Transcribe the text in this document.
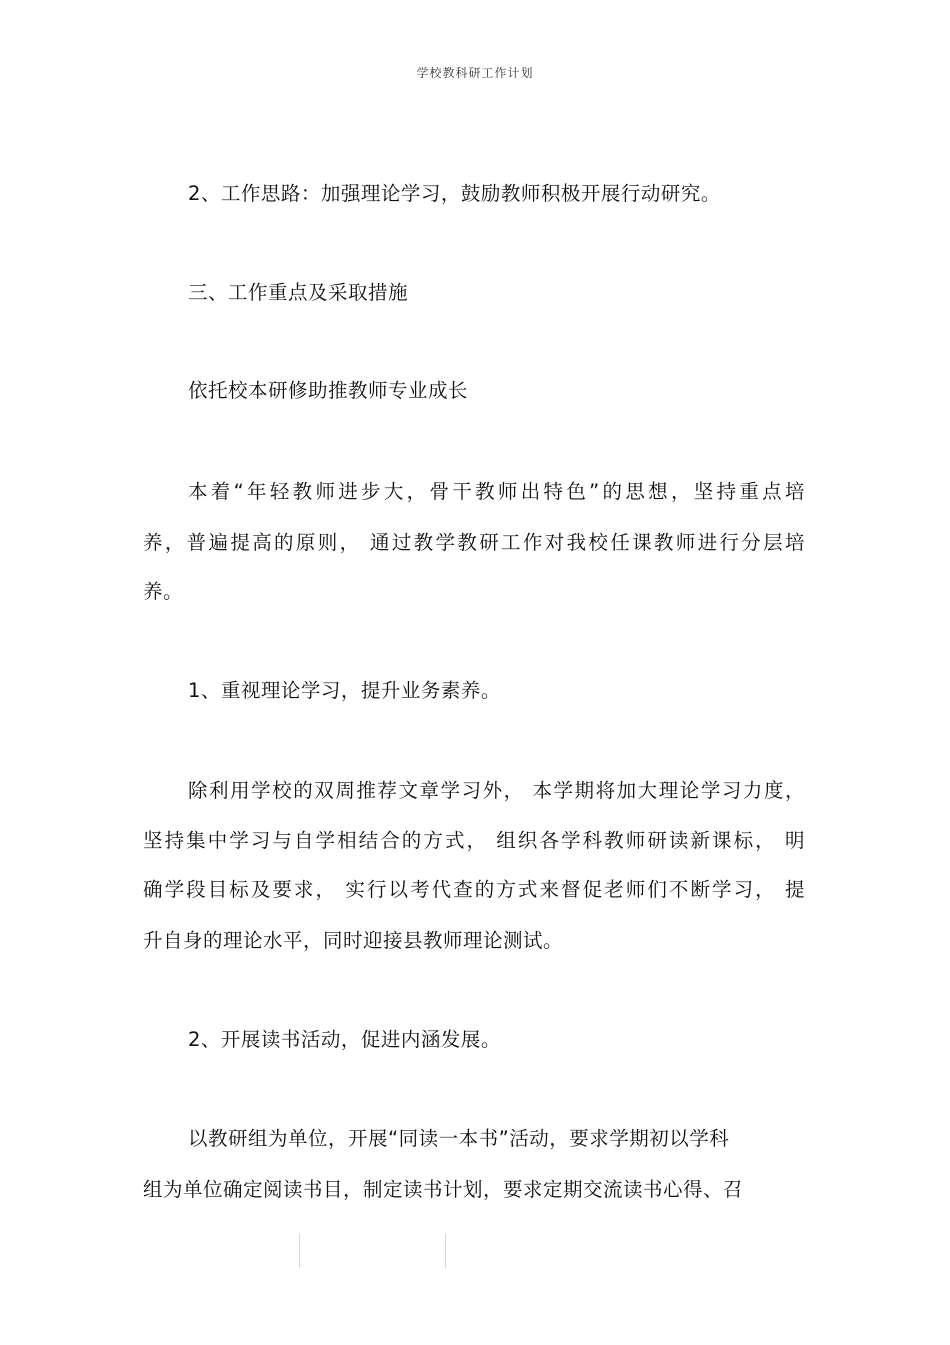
学校教科研工作计划
2、工作思路：加强理论学习，鼓励教师积极开展行动研究。
三、工作重点及采取措施
依托校本研修助推教师专业成长
本着“年轻教师进步大，骨干教师出特色”的思想，坚持重点培
养，普遍提高的原则， 通过教学教研工作对我校任课教师进行分层培
养。
1、重视理论学习，提升业务素养。
除利用学校的双周推荐文章学习外， 本学期将加大理论学习力度，
坚持集中学习与自学相结合的方式， 组织各学科教师研读新课标， 明
确学段目标及要求， 实行以考代查的方式来督促老师们不断学习， 提
升自身的理论水平，同时迎接县教师理论测试。
2、开展读书活动，促进内涵发展。
以教研组为单位，开展“同读一本书”活动，要求学期初以学科
组为单位确定阅读书目，制定读书计划，要求定期交流读书心得、召
